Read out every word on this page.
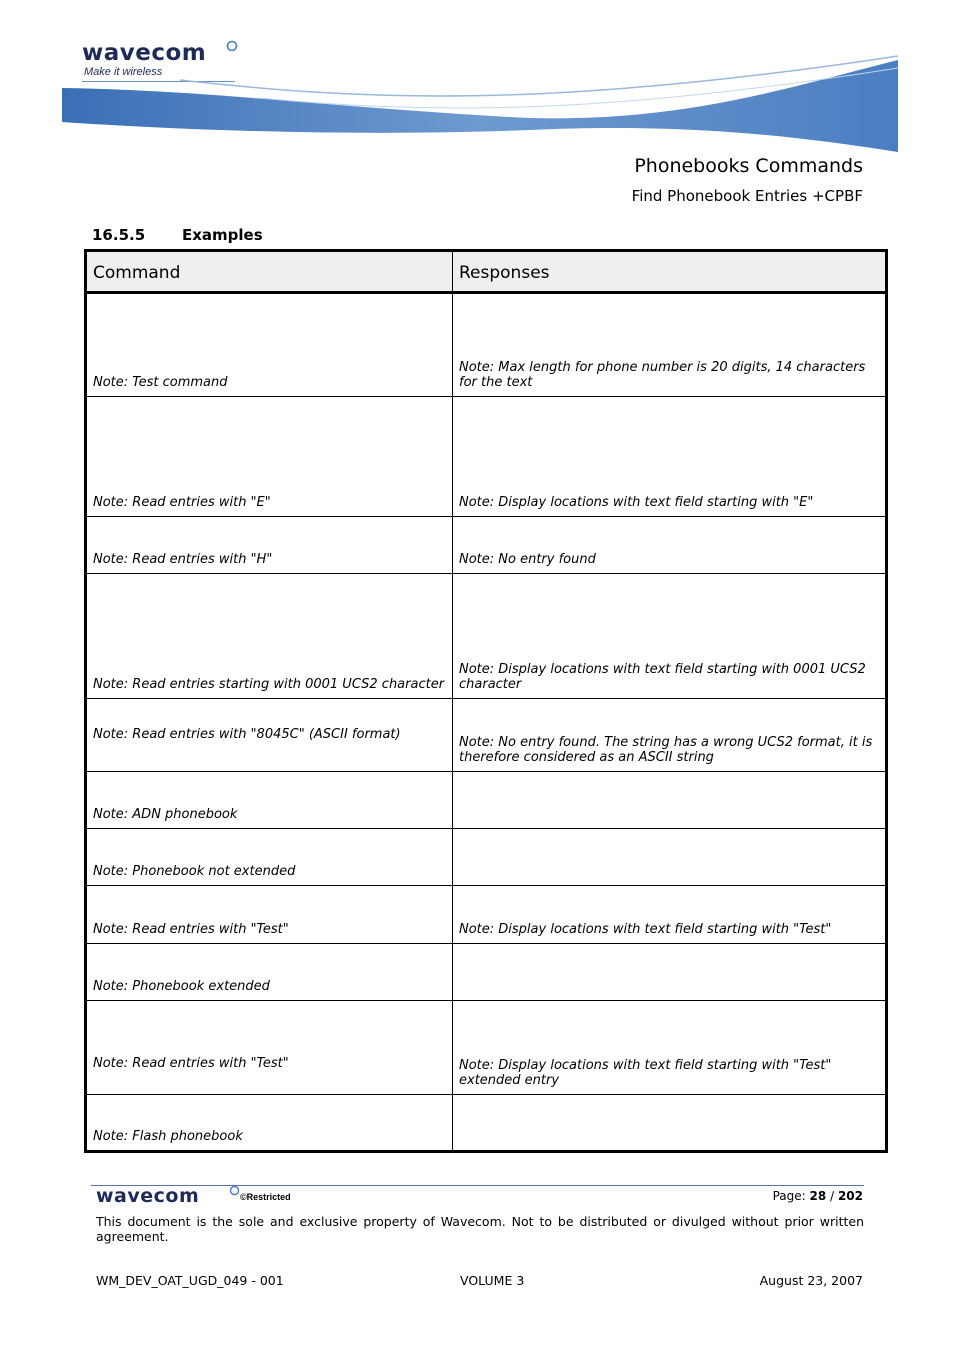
wavecom
Make it wireless
Phonebooks Commands
Find Phonebook Entries +CPBF
16.5.5 Examples
Command	Responses
Note: Test command	Note: Max length for phone number is 20 digits, 14 characters for the text
Note: Read entries with "E"	Note: Display locations with text field starting with "E"
Note: Read entries with "H"	Note: No entry found
Note: Read entries starting with 0001 UCS2 character	Note: Display locations with text field starting with 0001 UCS2 character
Note: Read entries with "8045C" (ASCII format)	Note: No entry found. The string has a wrong UCS2 format, it is therefore considered as an ASCII string
Note: ADN phonebook	
Note: Phonebook not extended	
Note: Read entries with "Test"	Note: Display locations with text field starting with "Test"
Note: Phonebook extended	
Note: Read entries with "Test"	Note: Display locations with text field starting with "Test" extended entry
Note: Flash phonebook	
wavecom	©Restricted	Page: 28 / 202
This document is the sole and exclusive property of Wavecom. Not to be distributed or divulged without prior written agreement.
WM_DEV_OAT_UGD_049 - 001	VOLUME 3	August 23, 2007
